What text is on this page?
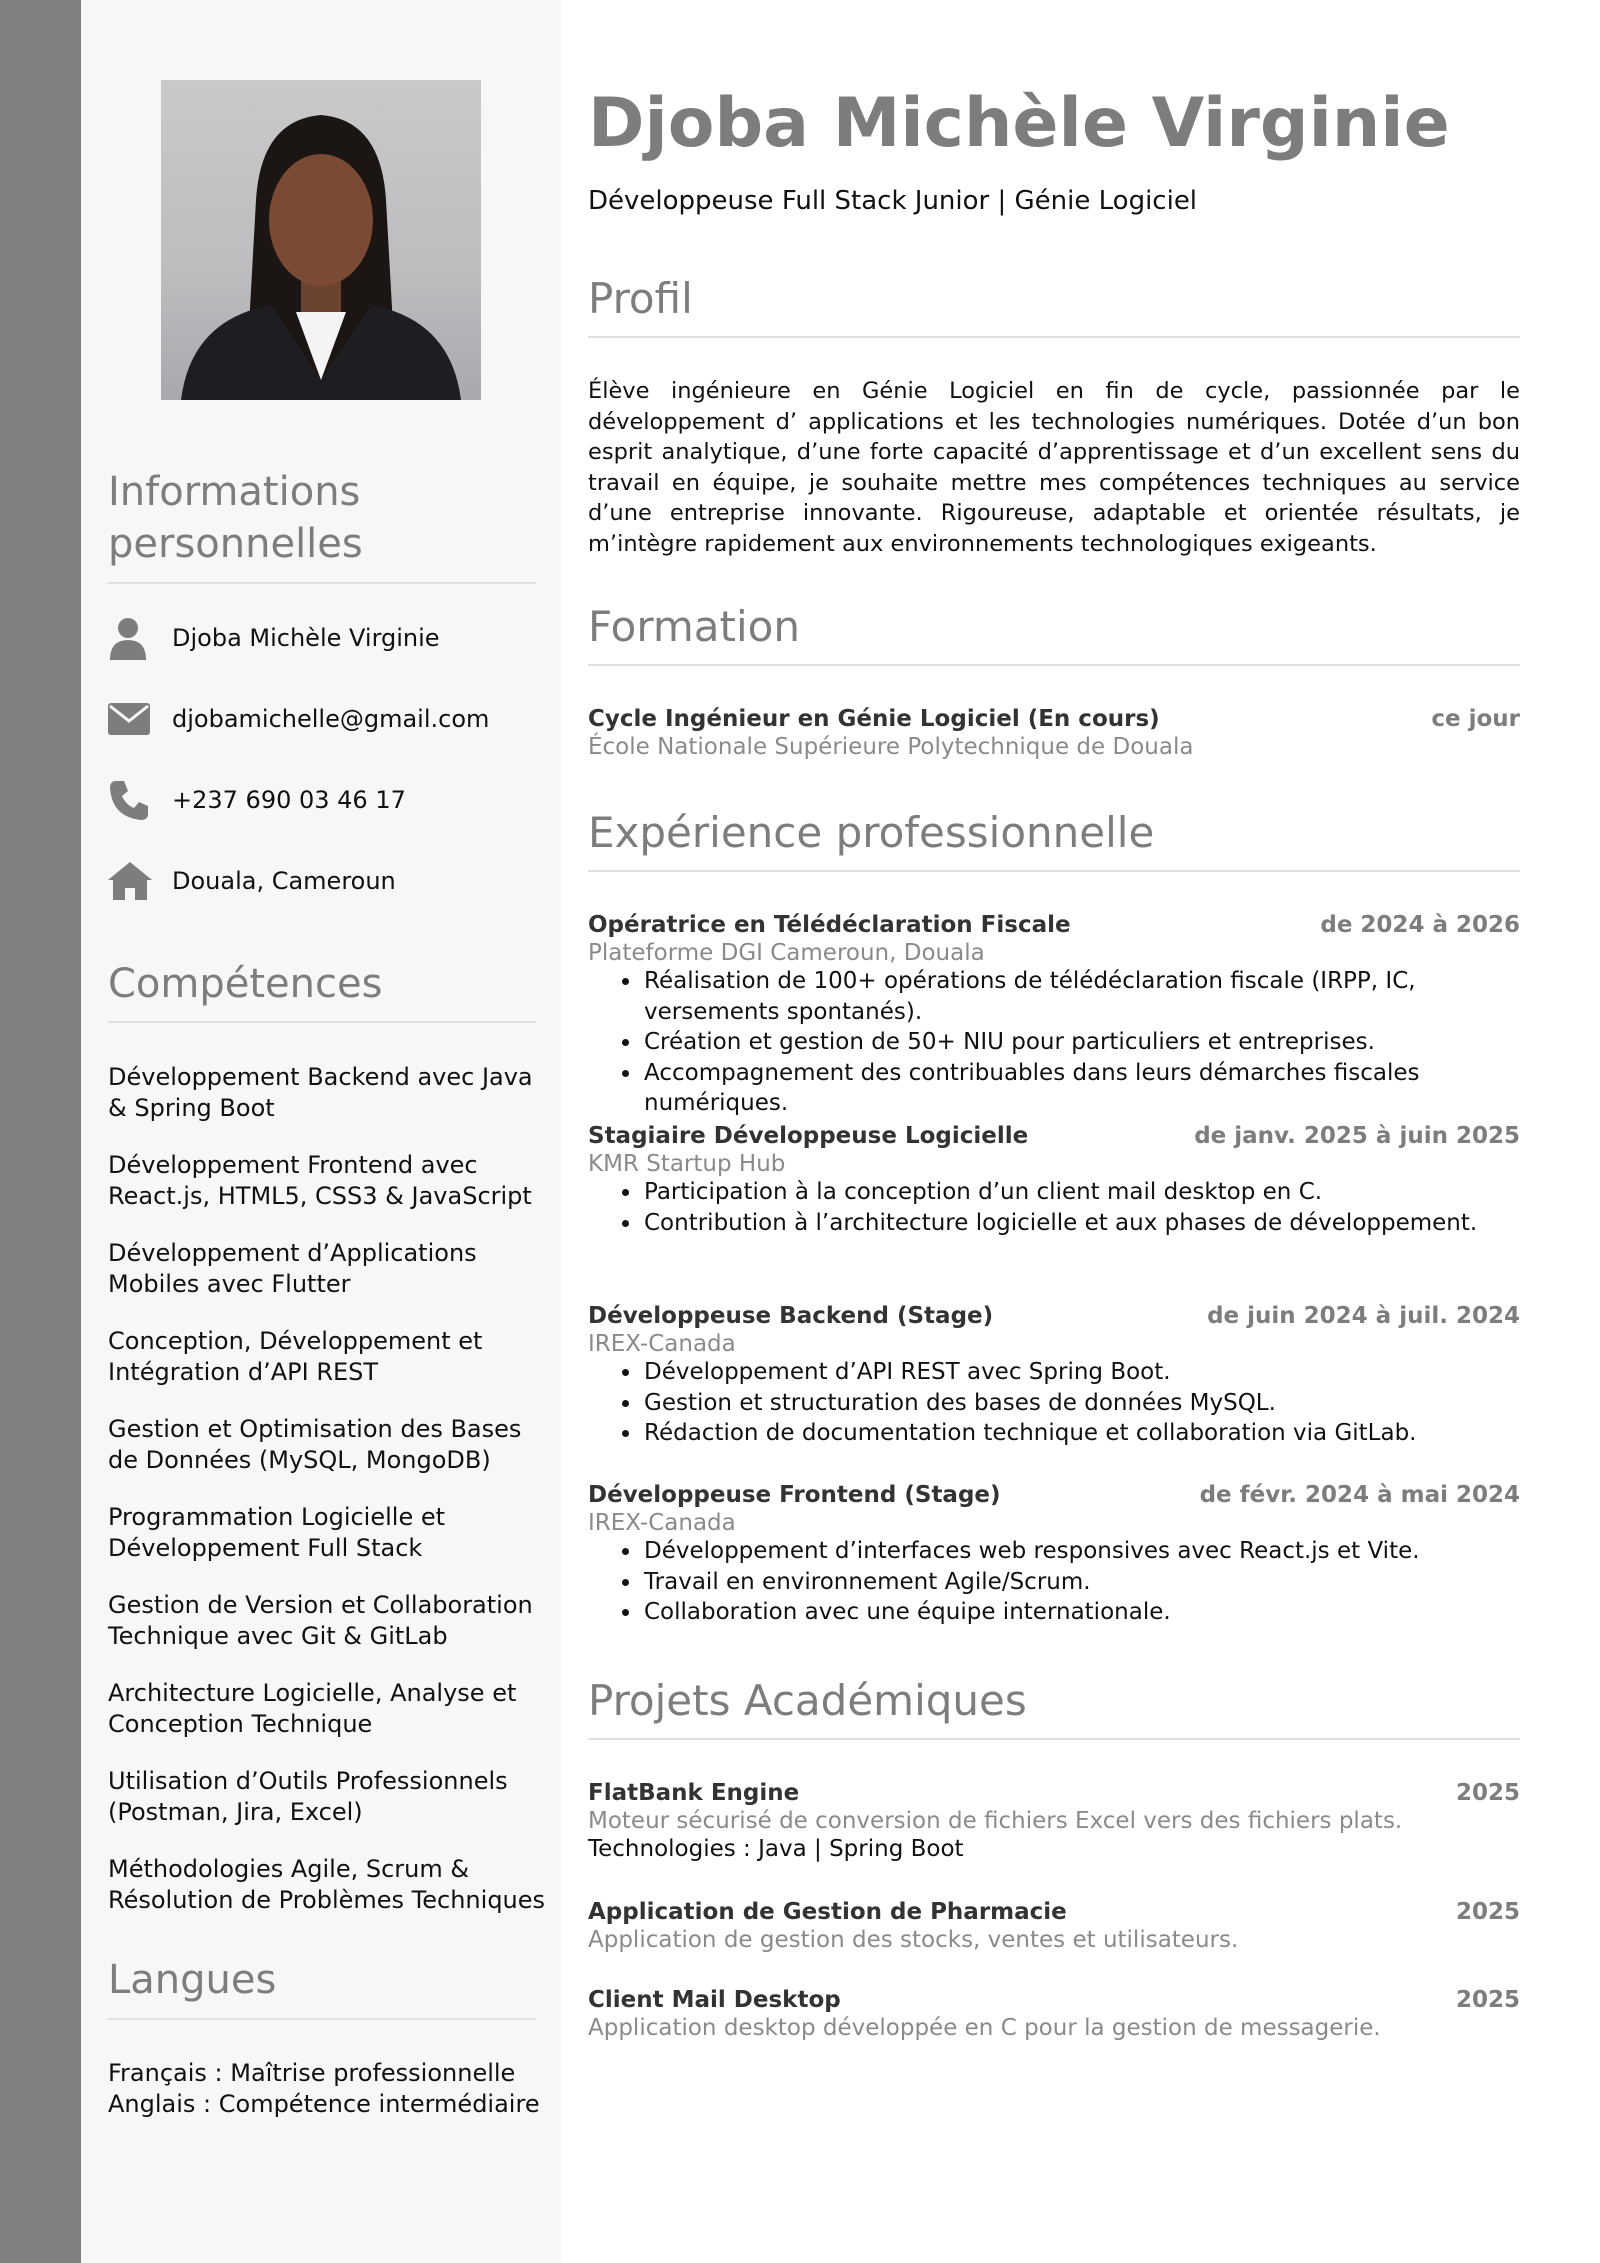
Informations personnelles
Djoba Michèle Virginie
djobamichelle@gmail.com
+237 690 03 46 17
Douala, Cameroun
Compétences
Développement Backend avec Java & Spring Boot
Développement Frontend avec React.js, HTML5, CSS3 & JavaScript
Développement d’Applications Mobiles avec Flutter
Conception, Développement et Intégration d’API REST
Gestion et Optimisation des Bases de Données (MySQL, MongoDB)
Programmation Logicielle et Développement Full Stack
Gestion de Version et Collaboration Technique avec Git & GitLab
Architecture Logicielle, Analyse et Conception Technique
Utilisation d’Outils Professionnels (Postman, Jira, Excel)
Méthodologies Agile, Scrum & Résolution de Problèmes Techniques
Langues
Français : Maîtrise professionnelle
Anglais : Compétence intermédiaire
Djoba Michèle Virginie
Développeuse Full Stack Junior | Génie Logiciel
Profil
Élève ingénieure en Génie Logiciel en fin de cycle, passionnée par le développement d’ applications et les technologies numériques. Dotée d’un bon esprit analytique, d’une forte capacité d’apprentissage et d’un excellent sens du travail en équipe, je souhaite mettre mes compétences techniques au service d’une entreprise innovante. Rigoureuse, adaptable et orientée résultats, je m’intègre rapidement aux environnements technologiques exigeants.
Formation
Cycle Ingénieur en Génie Logiciel (En cours)	ce jour
École Nationale Supérieure Polytechnique de Douala
Expérience professionnelle
Opératrice en Télédéclaration Fiscale	de 2024 à 2026
Plateforme DGI Cameroun, Douala
• Réalisation de 100+ opérations de télédéclaration fiscale (IRPP, IC, versements spontanés).
• Création et gestion de 50+ NIU pour particuliers et entreprises.
• Accompagnement des contribuables dans leurs démarches fiscales numériques.
Stagiaire Développeuse Logicielle	de janv. 2025 à juin 2025
KMR Startup Hub
• Participation à la conception d’un client mail desktop en C.
• Contribution à l’architecture logicielle et aux phases de développement.
Développeuse Backend (Stage)	de juin 2024 à juil. 2024
IREX-Canada
• Développement d’API REST avec Spring Boot.
• Gestion et structuration des bases de données MySQL.
• Rédaction de documentation technique et collaboration via GitLab.
Développeuse Frontend (Stage)	de févr. 2024 à mai 2024
IREX-Canada
• Développement d’interfaces web responsives avec React.js et Vite.
• Travail en environnement Agile/Scrum.
• Collaboration avec une équipe internationale.
Projets Académiques
FlatBank Engine	2025
Moteur sécurisé de conversion de fichiers Excel vers des fichiers plats.
Technologies : Java | Spring Boot
Application de Gestion de Pharmacie	2025
Application de gestion des stocks, ventes et utilisateurs.
Client Mail Desktop	2025
Application desktop développée en C pour la gestion de messagerie.
